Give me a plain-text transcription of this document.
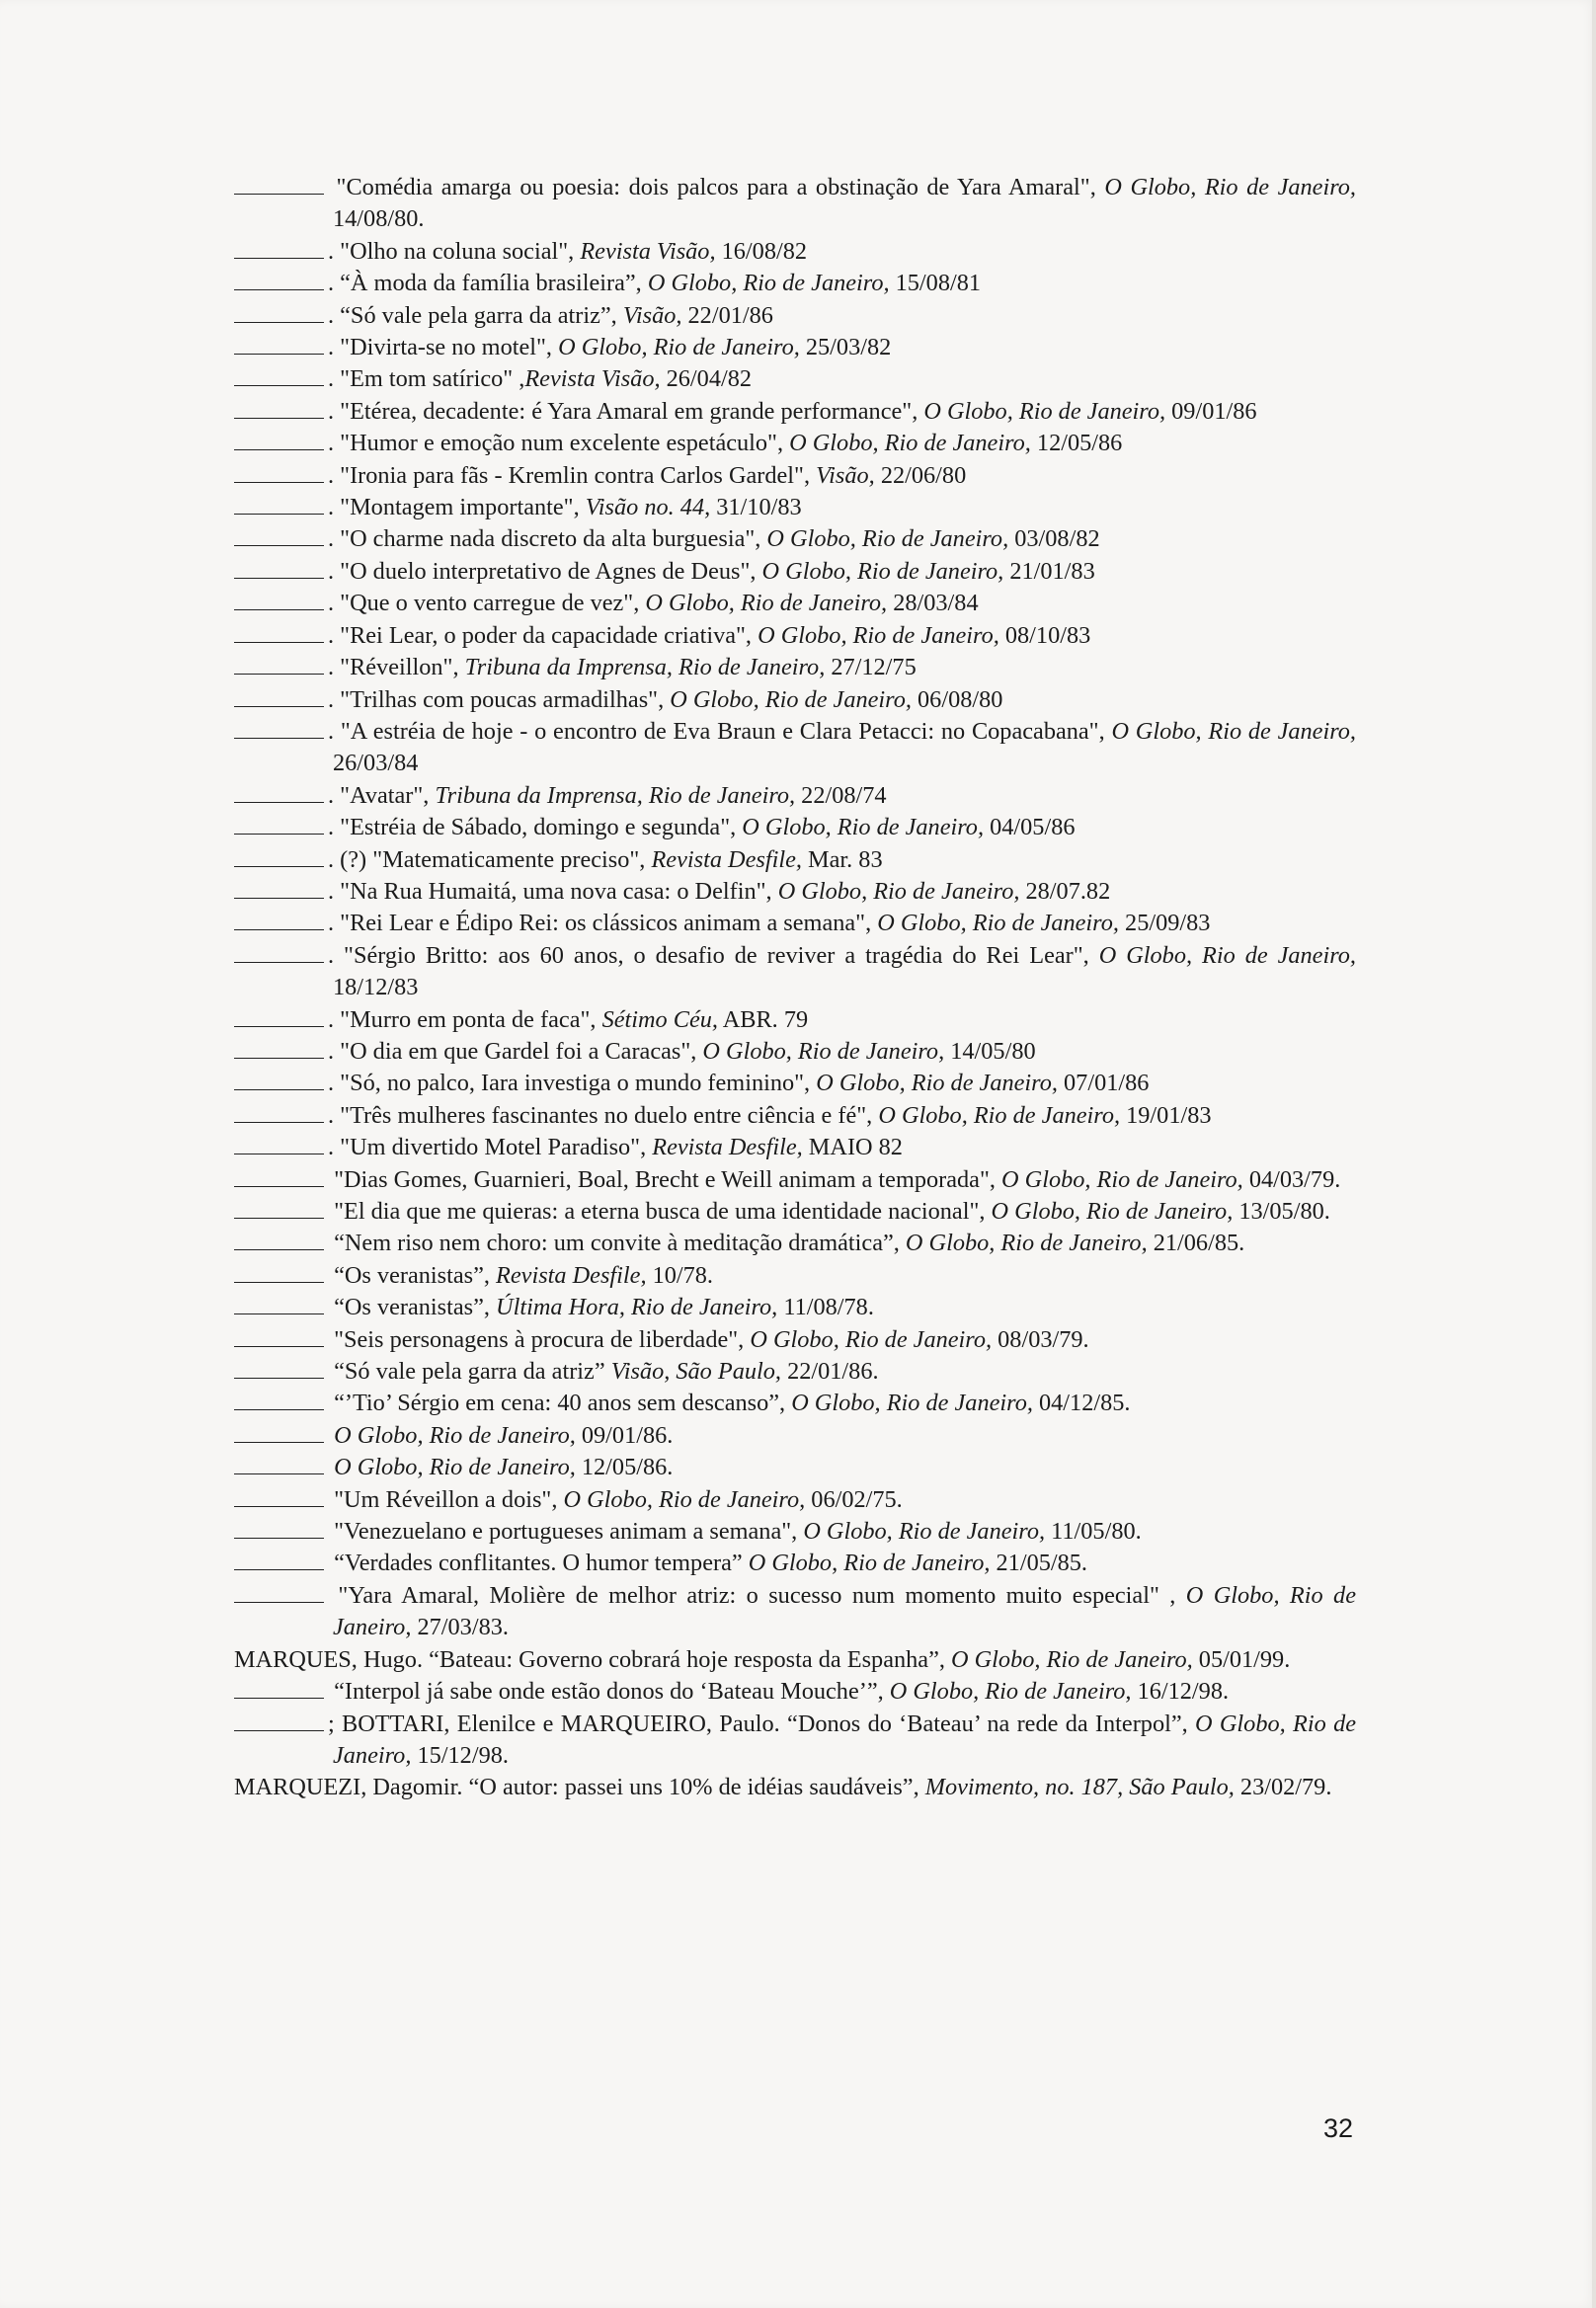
"Comédia amarga ou poesia: dois palcos para a obstinação de Yara Amaral", O Globo, Rio de Janeiro, 14/08/80.

. "Olho na coluna social", Revista Visão, 16/08/82

. “À moda da família brasileira”, O Globo, Rio de Janeiro, 15/08/81

. “Só vale pela garra da atriz”, Visão, 22/01/86

. "Divirta-se no motel", O Globo, Rio de Janeiro, 25/03/82

. "Em tom satírico" ,Revista Visão, 26/04/82

. "Etérea, decadente: é Yara Amaral em grande performance", O Globo, Rio de Janeiro, 09/01/86

. "Humor e emoção num excelente espetáculo", O Globo, Rio de Janeiro, 12/05/86

. "Ironia para fãs - Kremlin contra Carlos Gardel", Visão, 22/06/80

. "Montagem importante", Visão no. 44, 31/10/83

. "O charme nada discreto da alta burguesia", O Globo, Rio de Janeiro, 03/08/82

. "O duelo interpretativo de Agnes de Deus", O Globo, Rio de Janeiro, 21/01/83

. "Que o vento carregue de vez", O Globo, Rio de Janeiro, 28/03/84

. "Rei Lear, o poder da capacidade criativa", O Globo, Rio de Janeiro, 08/10/83

. "Réveillon", Tribuna da Imprensa, Rio de Janeiro, 27/12/75

. "Trilhas com poucas armadilhas", O Globo, Rio de Janeiro, 06/08/80

. "A estréia de hoje - o encontro de Eva Braun e Clara Petacci: no Copacabana", O Globo, Rio de Janeiro, 26/03/84

. "Avatar", Tribuna da Imprensa, Rio de Janeiro, 22/08/74

. "Estréia de Sábado, domingo e segunda", O Globo, Rio de Janeiro, 04/05/86

. (?) "Matematicamente preciso", Revista Desfile, Mar. 83

. "Na Rua Humaitá, uma nova casa: o Delfin", O Globo, Rio de Janeiro, 28/07.82

. "Rei Lear e Édipo Rei: os clássicos animam a semana", O Globo, Rio de Janeiro, 25/09/83

. "Sérgio Britto: aos 60 anos, o desafio de reviver a tragédia do Rei Lear", O Globo, Rio de Janeiro, 18/12/83

. "Murro em ponta de faca", Sétimo Céu, ABR. 79

. "O dia em que Gardel foi a Caracas", O Globo, Rio de Janeiro, 14/05/80

. "Só, no palco, Iara investiga o mundo feminino", O Globo, Rio de Janeiro, 07/01/86

. "Três mulheres fascinantes no duelo entre ciência e fé", O Globo, Rio de Janeiro, 19/01/83

. "Um divertido Motel Paradiso", Revista Desfile, MAIO 82

"Dias Gomes, Guarnieri, Boal, Brecht e Weill animam a temporada", O Globo, Rio de Janeiro, 04/03/79.

"El dia que me quieras: a eterna busca de uma identidade nacional", O Globo, Rio de Janeiro, 13/05/80.

“Nem riso nem choro: um convite à meditação dramática”, O Globo, Rio de Janeiro, 21/06/85.

“Os veranistas”, Revista Desfile, 10/78.

“Os veranistas”, Última Hora, Rio de Janeiro, 11/08/78.

"Seis personagens à procura de liberdade", O Globo, Rio de Janeiro, 08/03/79.

“Só vale pela garra da atriz” Visão, São Paulo, 22/01/86.

“’Tio’ Sérgio em cena: 40 anos sem descanso”, O Globo, Rio de Janeiro, 04/12/85.

O Globo, Rio de Janeiro, 09/01/86.

O Globo, Rio de Janeiro, 12/05/86.

"Um Réveillon a dois", O Globo, Rio de Janeiro, 06/02/75.

"Venezuelano e portugueses animam a semana", O Globo, Rio de Janeiro, 11/05/80.

“Verdades conflitantes. O humor tempera” O Globo, Rio de Janeiro, 21/05/85.

"Yara Amaral, Molière de melhor atriz: o sucesso num momento muito especial" , O Globo, Rio de Janeiro, 27/03/83.

MARQUES, Hugo. “Bateau: Governo cobrará hoje resposta da Espanha”, O Globo, Rio de Janeiro, 05/01/99.

“Interpol já sabe onde estão donos do ‘Bateau Mouche’”, O Globo, Rio de Janeiro, 16/12/98.

; BOTTARI, Elenilce e MARQUEIRO, Paulo. “Donos do ‘Bateau’ na rede da Interpol”, O Globo, Rio de Janeiro, 15/12/98.

MARQUEZI, Dagomir. “O autor: passei uns 10% de idéias saudáveis”, Movimento, no. 187, São Paulo, 23/02/79.

32
